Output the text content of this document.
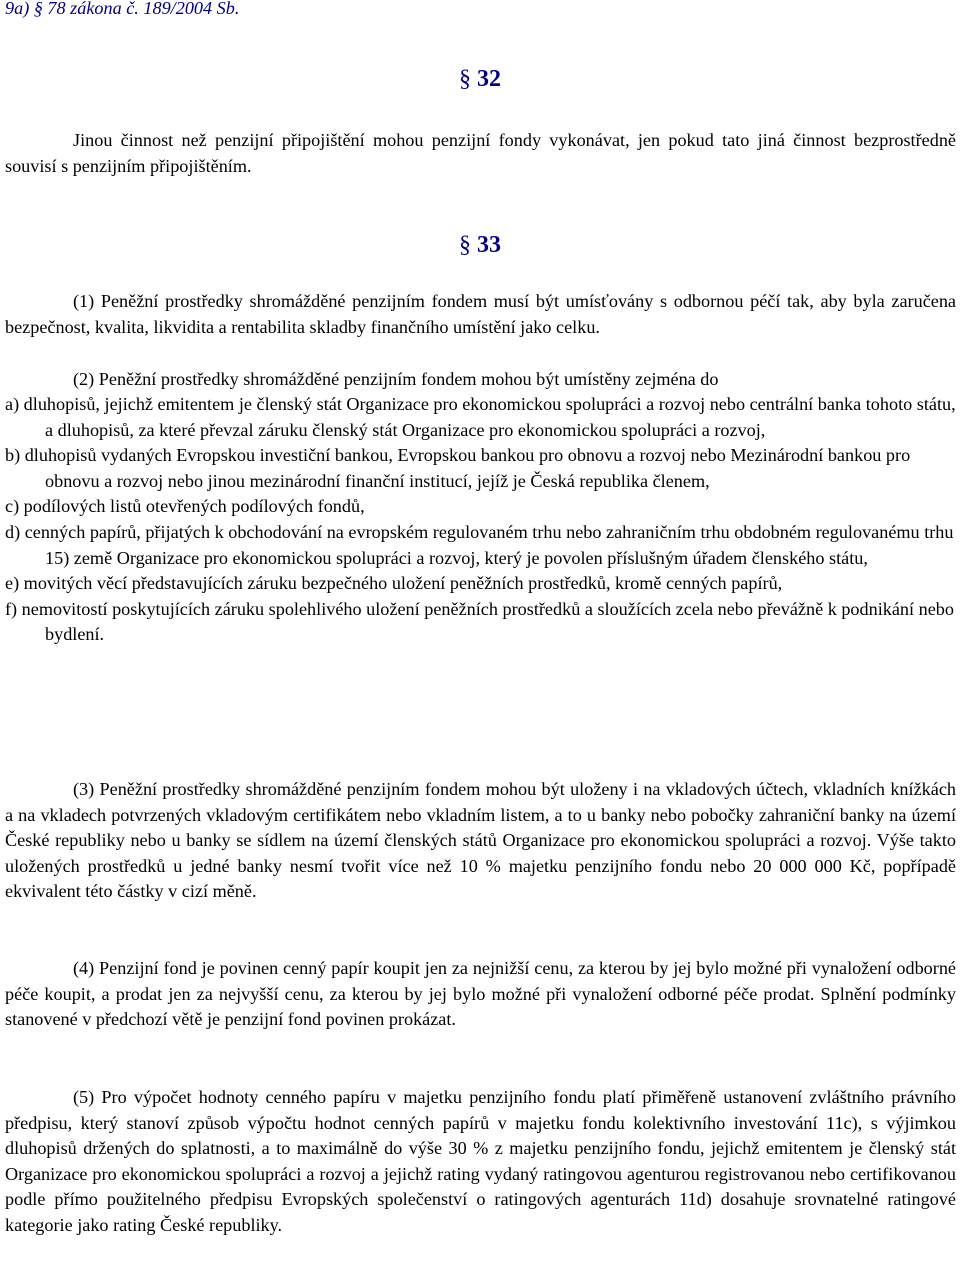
9a) § 78 zákona č. 189/2004 Sb.

§ 32

Jinou činnost než penzijní připojištění mohou penzijní fondy vykonávat, jen pokud tato jiná činnost bezprostředně souvisí s penzijním připojištěním.

§ 33

(1) Peněžní prostředky shromážděné penzijním fondem musí být umísťovány s odbornou péčí tak, aby byla zaručena bezpečnost, kvalita, likvidita a rentabilita skladby finančního umístění jako celku.

(2) Peněžní prostředky shromážděné penzijním fondem mohou být umístěny zejména do

a) dluhopisů, jejichž emitentem je členský stát Organizace pro ekonomickou spolupráci a rozvoj nebo centrální banka tohoto státu, a dluhopisů, za které převzal záruku členský stát Organizace pro ekonomickou spolupráci a rozvoj,
b) dluhopisů vydaných Evropskou investiční bankou, Evropskou bankou pro obnovu a rozvoj nebo Mezinárodní bankou pro obnovu a rozvoj nebo jinou mezinárodní finanční institucí, jejíž je Česká republika členem,
c) podílových listů otevřených podílových fondů,
d) cenných papírů, přijatých k obchodování na evropském regulovaném trhu nebo zahraničním trhu obdobném regulovanému trhu 15) země Organizace pro ekonomickou spolupráci a rozvoj, který je povolen příslušným úřadem členského státu,
e) movitých věcí představujících záruku bezpečného uložení peněžních prostředků, kromě cenných papírů,
f) nemovitostí poskytujících záruku spolehlivého uložení peněžních prostředků a sloužících zcela nebo převážně k podnikání nebo bydlení.

(3) Peněžní prostředky shromážděné penzijním fondem mohou být uloženy i na vkladových účtech, vkladních knížkách a na vkladech potvrzených vkladovým certifikátem nebo vkladním listem, a to u banky nebo pobočky zahraniční banky na území České republiky nebo u banky se sídlem na území členských států Organizace pro ekonomickou spolupráci a rozvoj. Výše takto uložených prostředků u jedné banky nesmí tvořit více než 10 % majetku penzijního fondu nebo 20 000 000 Kč, popřípadě ekvivalent této částky v cizí měně.

(4) Penzijní fond je povinen cenný papír koupit jen za nejnižší cenu, za kterou by jej bylo možné při vynaložení odborné péče koupit, a prodat jen za nejvyšší cenu, za kterou by jej bylo možné při vynaložení odborné péče prodat. Splnění podmínky stanovené v předchozí větě je penzijní fond povinen prokázat.

(5) Pro výpočet hodnoty cenného papíru v majetku penzijního fondu platí přiměřeně ustanovení zvláštního právního předpisu, který stanoví způsob výpočtu hodnot cenných papírů v majetku fondu kolektivního investování 11c), s výjimkou dluhopisů držených do splatnosti, a to maximálně do výše 30 % z majetku penzijního fondu, jejichž emitentem je členský stát Organizace pro ekonomickou spolupráci a rozvoj a jejichž rating vydaný ratingovou agenturou registrovanou nebo certifikovanou podle přímo použitelného předpisu Evropských společenství o ratingových agenturách 11d) dosahuje srovnatelné ratingové kategorie jako rating České republiky.
